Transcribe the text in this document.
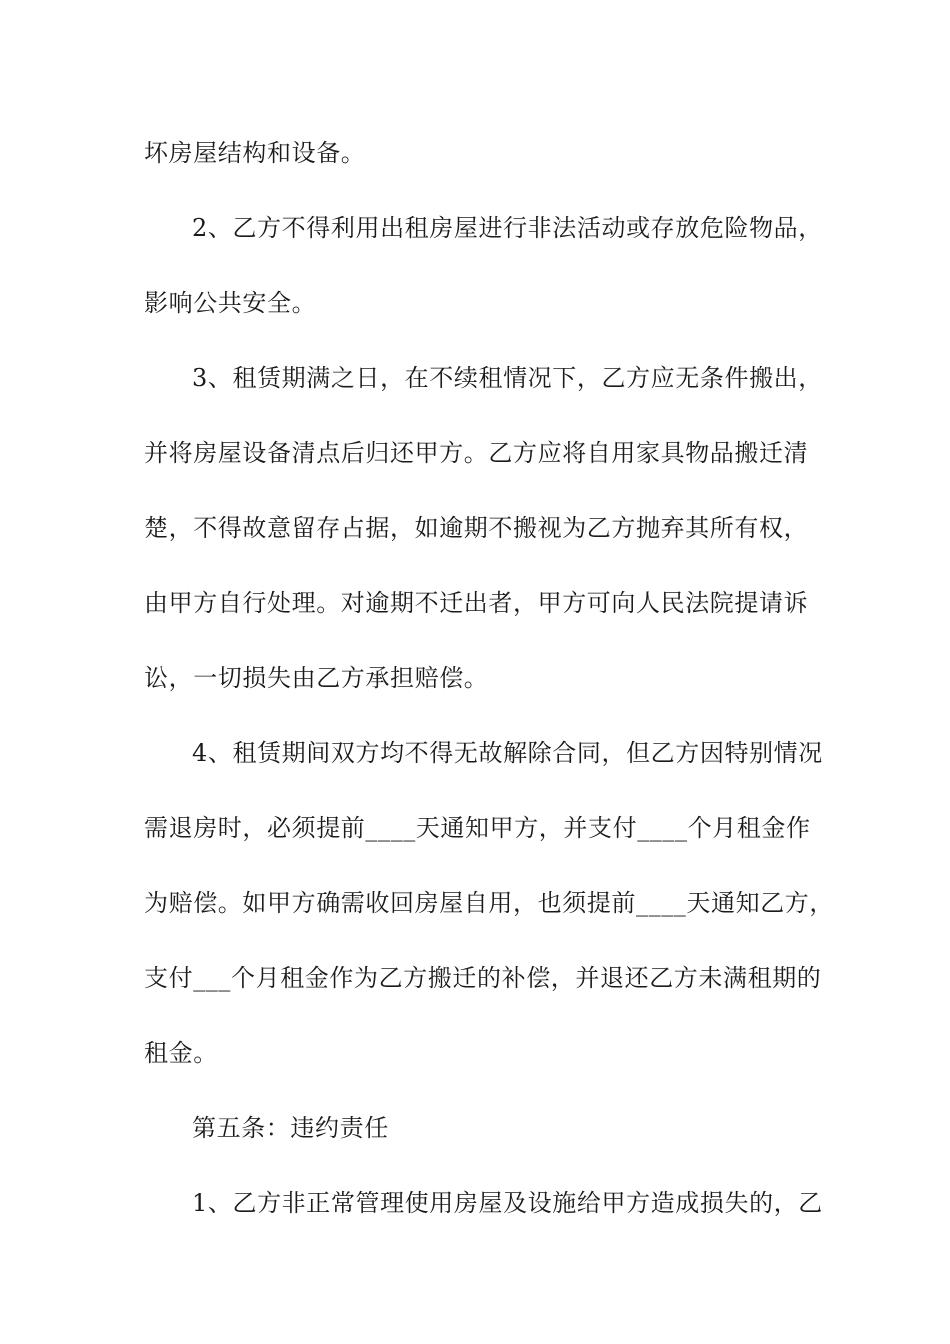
坏房屋结构和设备。
2、乙方不得利用出租房屋进行非法活动或存放危险物品，
影响公共安全。
3、租赁期满之日，在不续租情况下，乙方应无条件搬出，
并将房屋设备清点后归还甲方。乙方应将自用家具物品搬迁清
楚，不得故意留存占据，如逾期不搬视为乙方抛弃其所有权，
由甲方自行处理。对逾期不迁出者，甲方可向人民法院提请诉
讼，一切损失由乙方承担赔偿。
4、租赁期间双方均不得无故解除合同，但乙方因特别情况
需退房时，必须提前____天通知甲方，并支付____个月租金作
为赔偿。如甲方确需收回房屋自用，也须提前____天通知乙方，
支付___个月租金作为乙方搬迁的补偿，并退还乙方未满租期的
租金。
第五条：违约责任
1、乙方非正常管理使用房屋及设施给甲方造成损失的，乙
